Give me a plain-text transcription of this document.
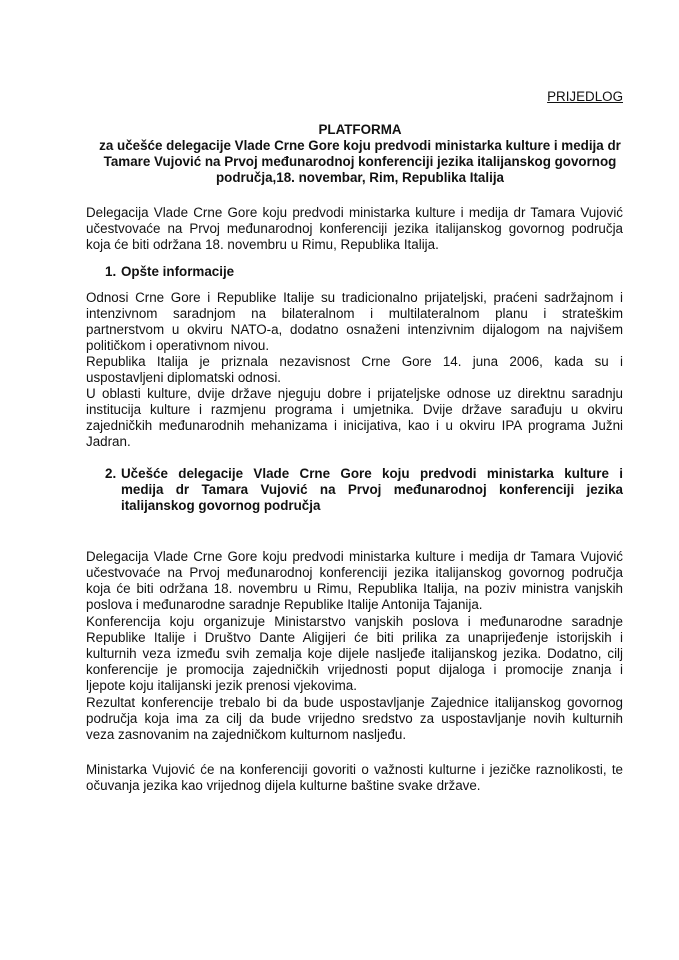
PRIJEDLOG
PLATFORMA
za učešće delegacije Vlade Crne Gore koju predvodi ministarka kulture i medija dr
Tamare Vujović na Prvoj međunarodnoj konferenciji jezika italijanskog govornog
područja,18. novembar, Rim, Republika Italija
Delegacija Vlade Crne Gore koju predvodi ministarka kulture i medija dr Tamara Vujović
učestvovaće na Prvoj međunarodnoj konferenciji jezika italijanskog govornog područja
koja će biti održana 18. novembru u Rimu, Republika Italija.
1. Opšte informacije
Odnosi Crne Gore i Republike Italije su tradicionalno prijateljski, praćeni sadržajnom i
intenzivnom saradnjom na bilateralnom i multilateralnom planu i strateškim
partnerstvom u okviru NATO-a, dodatno osnaženi intenzivnim dijalogom na najvišem
političkom i operativnom nivou.
Republika Italija je priznala nezavisnost Crne Gore 14. juna 2006, kada su i
uspostavljeni diplomatski odnosi.
U oblasti kulture, dvije države njeguju dobre i prijateljske odnose uz direktnu saradnju
institucija kulture i razmjenu programa i umjetnika. Dvije države sarađuju u okviru
zajedničkih međunarodnih mehanizama i inicijativa, kao i u okviru IPA programa Južni
Jadran.
2. Učešće delegacije Vlade Crne Gore koju predvodi ministarka kulture i
medija dr Tamara Vujović na Prvoj međunarodnoj konferenciji jezika
italijanskog govornog područja
Delegacija Vlade Crne Gore koju predvodi ministarka kulture i medija dr Tamara Vujović
učestvovaće na Prvoj međunarodnoj konferenciji jezika italijanskog govornog područja
koja će biti održana 18. novembru u Rimu, Republika Italija, na poziv ministra vanjskih
poslova i međunarodne saradnje Republike Italije Antonija Tajanija.
Konferencija koju organizuje Ministarstvo vanjskih poslova i međunarodne saradnje
Republike Italije i Društvo Dante Aligijeri će biti prilika za unaprijeđenje istorijskih i
kulturnih veza između svih zemalja koje dijele nasljeđe italijanskog jezika. Dodatno, cilj
konferencije je promocija zajedničkih vrijednosti poput dijaloga i promocije znanja i
ljepote koju italijanski jezik prenosi vjekovima.
Rezultat konferencije trebalo bi da bude uspostavljanje Zajednice italijanskog govornog
područja koja ima za cilj da bude vrijedno sredstvo za uspostavljanje novih kulturnih
veza zasnovanim na zajedničkom kulturnom nasljeđu.
Ministarka Vujović će na konferenciji govoriti o važnosti kulturne i jezičke raznolikosti, te
očuvanja jezika kao vrijednog dijela kulturne baštine svake države.
